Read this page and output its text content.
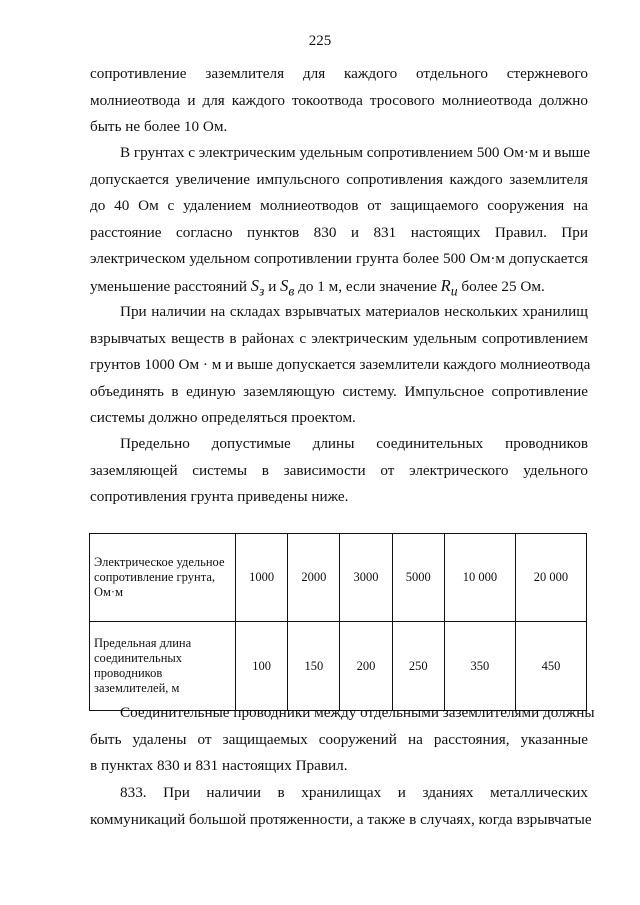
225
сопротивление заземлителя для каждого отдельного стержневого
молниеотвода и для каждого токоотвода тросового молниеотвода должно
быть не более 10 Ом.
В грунтах с электрическим удельным сопротивлением 500 Ом·м и выше
допускается увеличение импульсного сопротивления каждого заземлителя
до 40 Ом с удалением молниеотводов от защищаемого сооружения на
расстояние согласно пунктов 830 и 831 настоящих Правил. При
электрическом удельном сопротивлении грунта более 500 Ом·м допускается
уменьшение расстояний $S_з$ и $S_в$ до 1 м, если значение $R_и$ более 25 Ом.
При наличии на складах взрывчатых материалов нескольких хранилищ
взрывчатых веществ в районах с электрическим удельным сопротивлением
грунтов 1000 Ом · м и выше допускается заземлители каждого молниеотвода
объединять в единую заземляющую систему. Импульсное сопротивление
системы должно определяться проектом.
Предельно допустимые длины соединительных проводников
заземляющей системы в зависимости от электрического удельного
сопротивления грунта приведены ниже.
Электрическое удельное сопротивление грунта, Ом·м	1000	2000	3000	5000	10 000	20 000
Предельная длина соединительных проводников заземлителей, м	100	150	200	250	350	450
Соединительные проводники между отдельными заземлителями должны
быть удалены от защищаемых сооружений на расстояния, указанные
в пунктах 830 и 831 настоящих Правил.
833. При наличии в хранилищах и зданиях металлических
коммуникаций большой протяженности, а также в случаях, когда взрывчатые
